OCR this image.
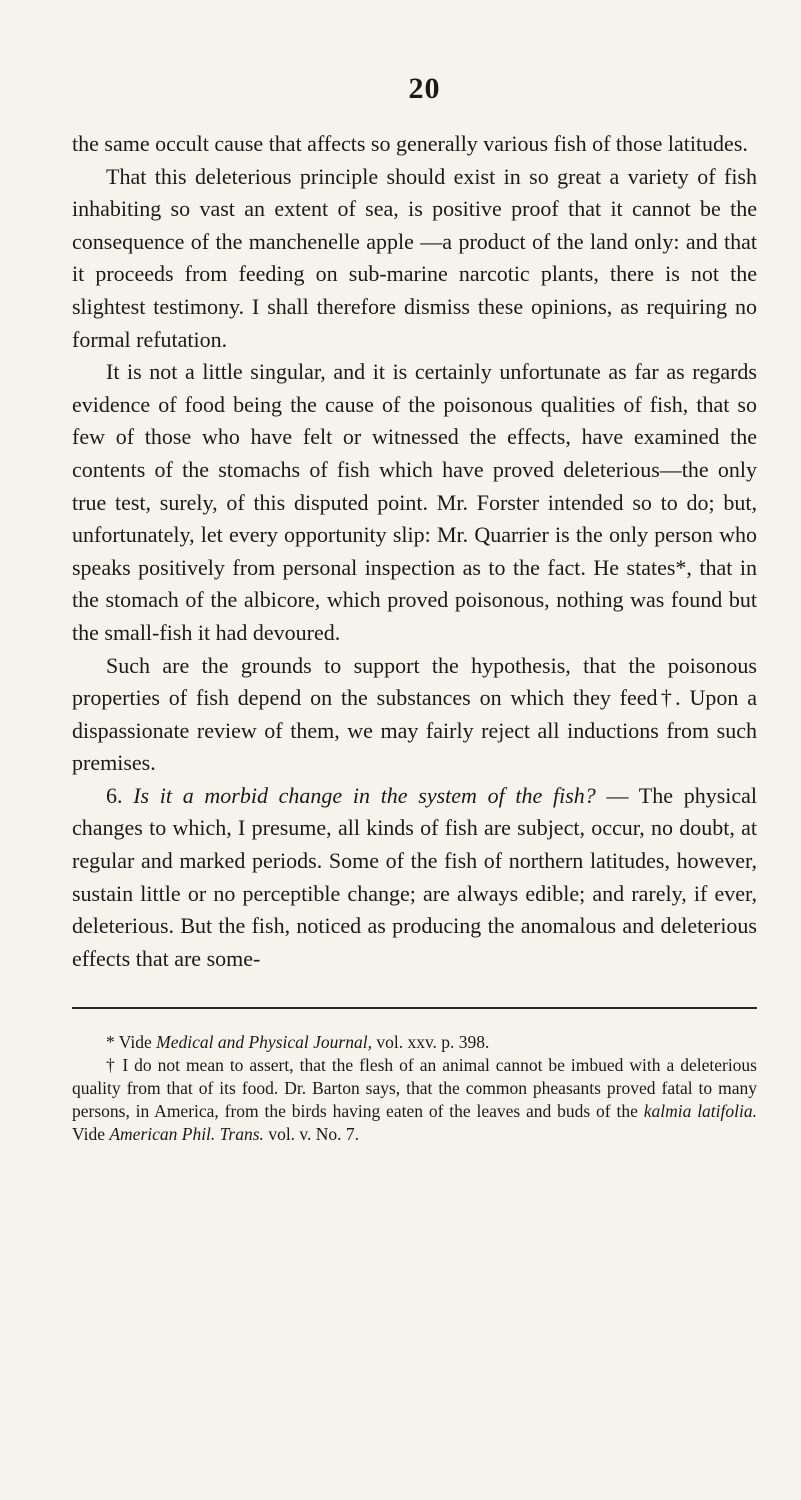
20

the same occult cause that affects so generally various fish of those latitudes.

That this deleterious principle should exist in so great a variety of fish inhabiting so vast an extent of sea, is positive proof that it cannot be the consequence of the manchenelle apple —a product of the land only: and that it proceeds from feeding on sub-marine narcotic plants, there is not the slightest testimony. I shall therefore dismiss these opinions, as requiring no formal refutation.

It is not a little singular, and it is certainly unfortunate as far as regards evidence of food being the cause of the poisonous qualities of fish, that so few of those who have felt or witnessed the effects, have examined the contents of the stomachs of fish which have proved deleterious—the only true test, surely, of this disputed point. Mr. Forster intended so to do; but, unfortunately, let every opportunity slip: Mr. Quarrier is the only person who speaks positively from personal inspection as to the fact. He states*, that in the stomach of the albicore, which proved poisonous, nothing was found but the small-fish it had devoured.

Such are the grounds to support the hypothesis, that the poisonous properties of fish depend on the substances on which they feed†. Upon a dispassionate review of them, we may fairly reject all inductions from such premises.

6. Is it a morbid change in the system of the fish? — The physical changes to which, I presume, all kinds of fish are subject, occur, no doubt, at regular and marked periods. Some of the fish of northern latitudes, however, sustain little or no perceptible change; are always edible; and rarely, if ever, deleterious. But the fish, noticed as producing the anomalous and deleterious effects that are some-

* Vide Medical and Physical Journal, vol. xxv. p. 398.

† I do not mean to assert, that the flesh of an animal cannot be imbued with a deleterious quality from that of its food. Dr. Barton says, that the common pheasants proved fatal to many persons, in America, from the birds having eaten of the leaves and buds of the kalmia latifolia. Vide American Phil. Trans. vol. v. No. 7.
